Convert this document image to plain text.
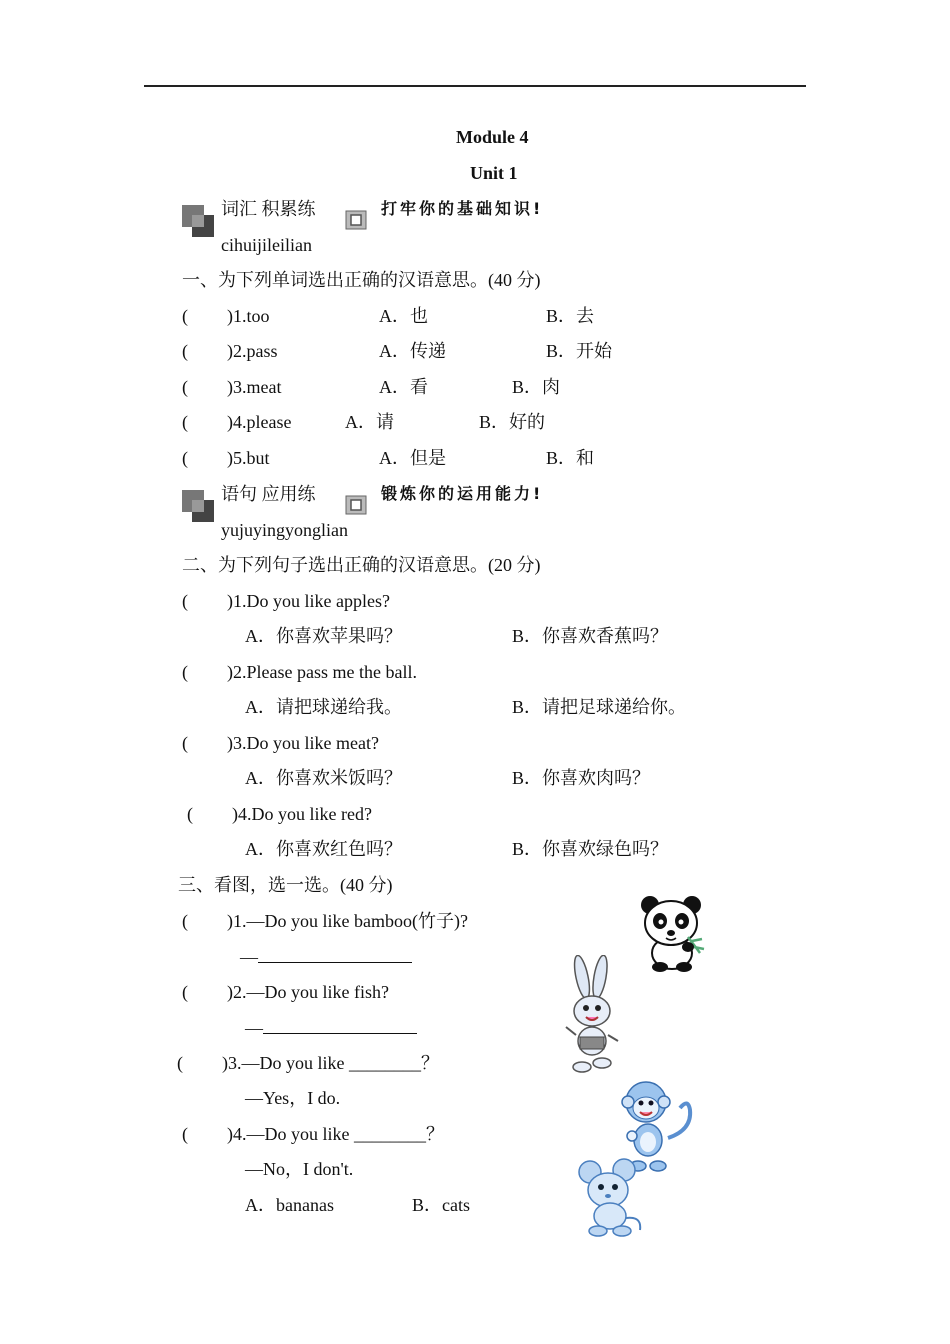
Module 4
Unit 1
词汇 积累练
cihuijileilian
打牢你的基础知识!
一、为下列单词选出正确的汉语意思。(40 分)
( )1.too	A．也	B．去
( )2.pass	A．传递	B．开始
( )3.meat	A．看	B．肉
( )4.please	A．请	B．好的
( )5.but	A．但是	B．和
语句 应用练
yujuyingyonglian
锻炼你的运用能力!
二、为下列句子选出正确的汉语意思。(20 分)
( )1.Do you like apples?
A．你喜欢苹果吗？	B．你喜欢香蕉吗？
( )2.Please pass me the ball.
A．请把球递给我。	B．请把足球递给你。
( )3.Do you like meat?
A．你喜欢米饭吗？	B．你喜欢肉吗？
( )4.Do you like red?
A．你喜欢红色吗？	B．你喜欢绿色吗？
三、看图，选一选。(40 分)
( )1.—Do you like bamboo(竹子)?
—
( )2.—Do you like fish?
—
( )3.—Do you like ________？
—Yes，I do.
( )4.—Do you like ________？
—No，I don't.
A．bananas	B．cats
